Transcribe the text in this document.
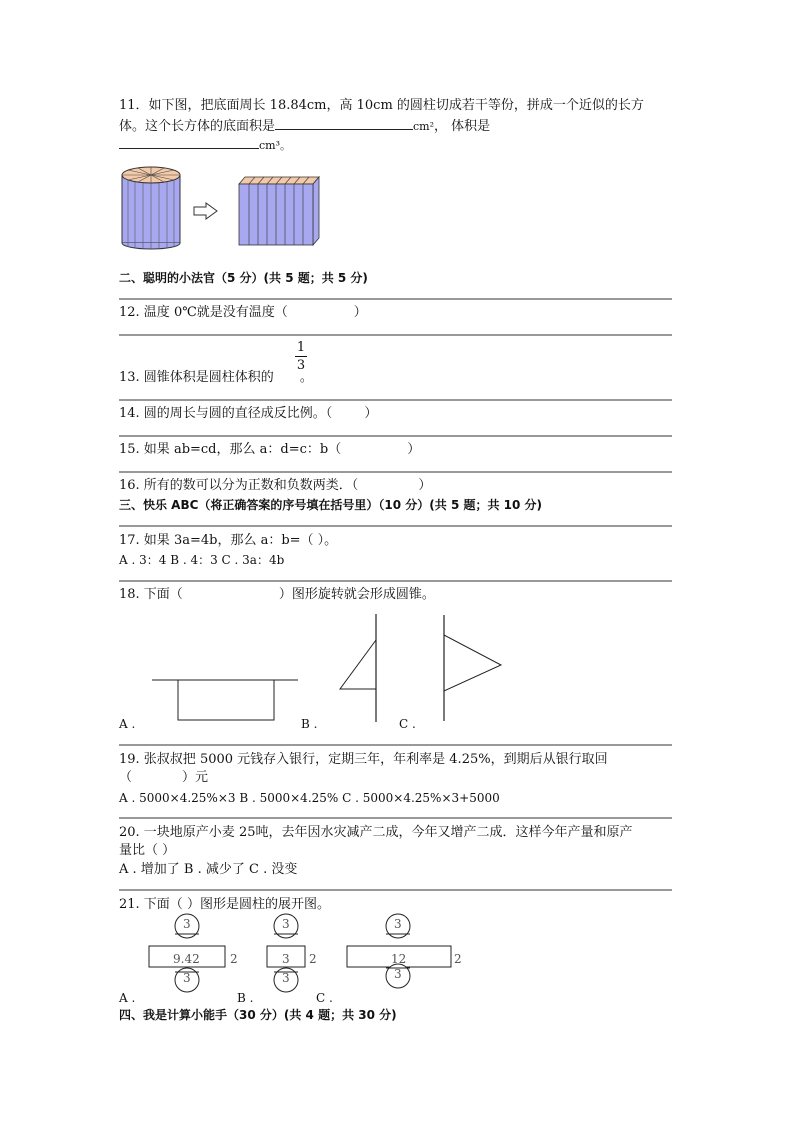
11．如下图，把底面周长 18.84cm，高 10cm 的圆柱切成若干等份，拼成一个近似的长方
体。这个长方体的底面积是	cm²， 体积是
cm³。
二、聪明的小法官（5 分）(共 5 题；共 5 分)
12. 温度 0℃就是没有温度（	）
13. 圆锥体积是圆柱体积的 。
1
3
14. 圆的周长与圆的直径成反比例。（ ）
15. 如果 ab=cd，那么 a：d=c：b（	）
16. 所有的数可以分为正数和负数两类．（	）
三、快乐 ABC（将正确答案的序号填在括号里）（10 分）(共 5 题；共 10 分)
17. 如果 3a=4b，那么 a：b=（ ）。
A . 3：4 B . 4：3 C . 3a：4b
18. 下面（	）图形旋转就会形成圆锥。
A .	B .	C .
19. 张叔叔把 5000 元钱存入银行，定期三年，年利率是 4.25%，到期后从银行取回
（	）元
A . 5000×4.25%×3 B . 5000×4.25% C . 5000×4.25%×3+5000
20. 一块地原产小麦 25吨，去年因水灾减产二成，今年又增产二成．这样今年产量和原产
量比（ ）
A . 增加了 B . 减少了 C . 没变
21. 下面（ ）图形是圆柱的展开图。
3
9.42	2
3
3
3 2
3
3
12	2
3
A .	B .	C .
四、我是计算小能手（30 分）(共 4 题；共 30 分)
